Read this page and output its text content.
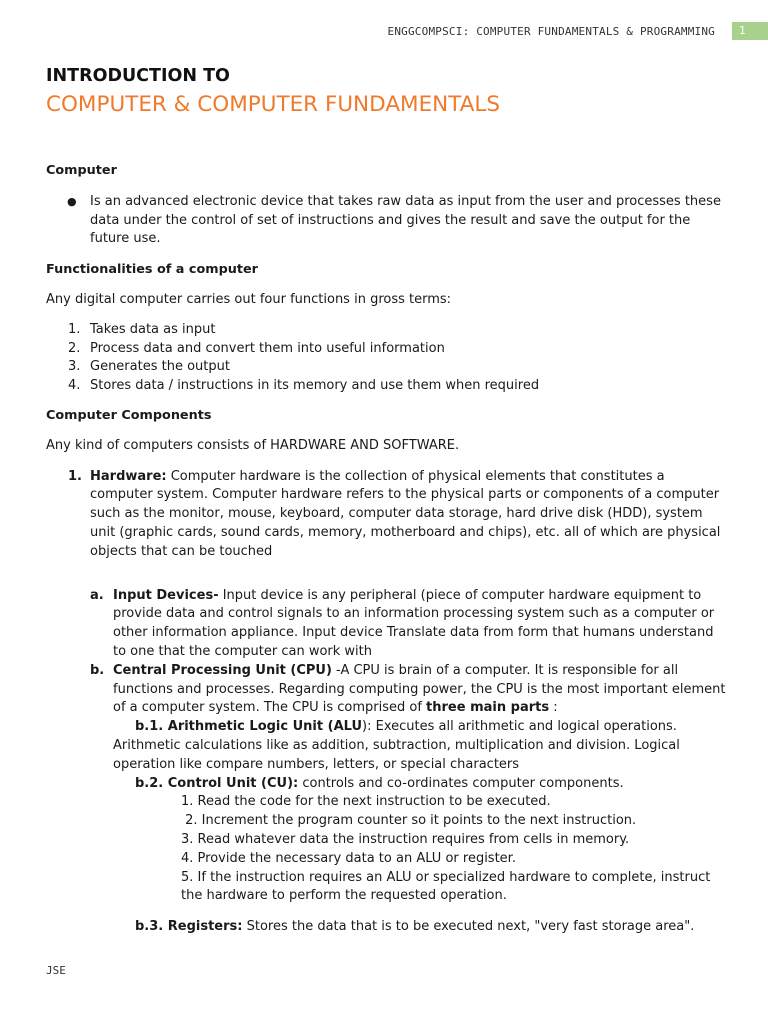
ENGGCOMPSCI: COMPUTER FUNDAMENTALS & PROGRAMMING	1
INTRODUCTION TO
COMPUTER & COMPUTER FUNDAMENTALS

Computer

● Is an advanced electronic device that takes raw data as input from the user and processes these data under the control of set of instructions and gives the result and save the output for the future use.

Functionalities of a computer

Any digital computer carries out four functions in gross terms:

1. Takes data as input
2. Process data and convert them into useful information
3. Generates the output
4. Stores data / instructions in its memory and use them when required

Computer Components

Any kind of computers consists of HARDWARE AND SOFTWARE.

1. Hardware: Computer hardware is the collection of physical elements that constitutes a computer system. Computer hardware refers to the physical parts or components of a computer such as the monitor, mouse, keyboard, computer data storage, hard drive disk (HDD), system unit (graphic cards, sound cards, memory, motherboard and chips), etc. all of which are physical objects that can be touched
a. Input Devices- Input device is any peripheral (piece of computer hardware equipment to provide data and control signals to an information processing system such as a computer or other information appliance. Input device Translate data from form that humans understand to one that the computer can work with
b. Central Processing Unit (CPU) -A CPU is brain of a computer. It is responsible for all functions and processes. Regarding computing power, the CPU is the most important element of a computer system. The CPU is comprised of three main parts :
b.1. Arithmetic Logic Unit (ALU): Executes all arithmetic and logical operations.
Arithmetic calculations like as addition, subtraction, multiplication and division. Logical operation like compare numbers, letters, or special characters
b.2. Control Unit (CU): controls and co-ordinates computer components.
1. Read the code for the next instruction to be executed.
2. Increment the program counter so it points to the next instruction.
3. Read whatever data the instruction requires from cells in memory.
4. Provide the necessary data to an ALU or register.
5. If the instruction requires an ALU or specialized hardware to complete, instruct the hardware to perform the requested operation.
b.3. Registers: Stores the data that is to be executed next, "very fast storage area".
JSE
